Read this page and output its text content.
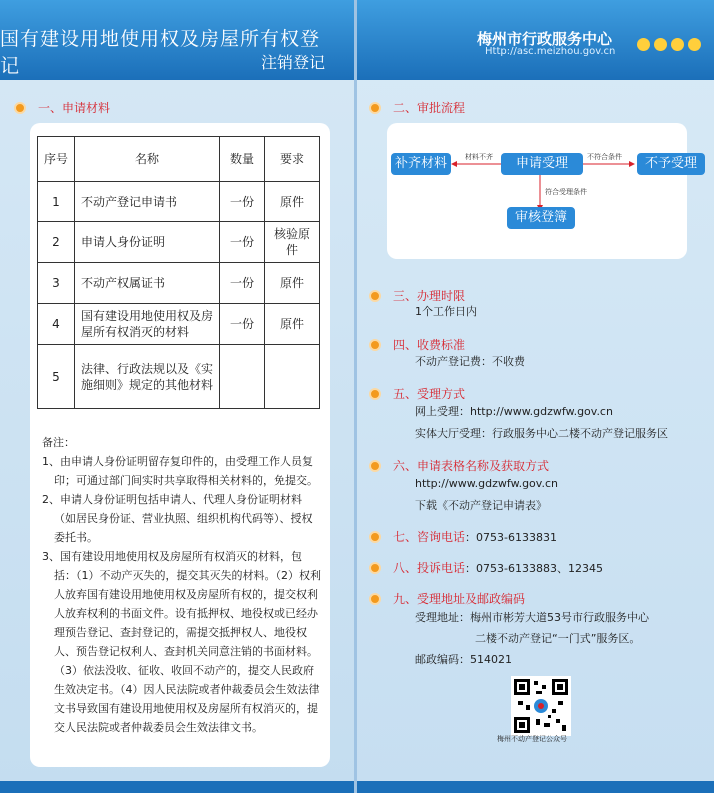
国有建设用地使用权及房屋所有权登记	注销登记
一、申请材料
序号	名称	数量	要求
1	不动产登记申请书	一份	原件
2	申请人身份证明	一份	核验原件
3	不动产权属证书	一份	原件
4	国有建设用地使用权及房屋所有权消灭的材料	一份	原件
5	法律、行政法规以及《实施细则》规定的其他材料		
备注：
1、由申请人身份证明留存复印件的，由受理工作人员复印；可通过部门间实时共享取得相关材料的，免提交。
2、申请人身份证明包括申请人、代理人身份证明材料（如居民身份证、营业执照、组织机构代码等）、授权委托书。
3、国有建设用地使用权及房屋所有权消灭的材料，包括：（1）不动产灭失的，提交其灭失的材料。（2）权利人放弃国有建设用地使用权及房屋所有权的，提交权利人放弃权利的书面文件。设有抵押权、地役权或已经办理预告登记、查封登记的，需提交抵押权人、地役权人、预告登记权利人、查封机关同意注销的书面材料。（3）依法没收、征收、收回不动产的，提交人民政府生效决定书。（4）因人民法院或者仲裁委员会生效法律文书导致国有建设用地使用权及房屋所有权消灭的，提交人民法院或者仲裁委员会生效法律文书。
梅州市行政服务中心
Http://asc.meizhou.gov.cn
二、审批流程
补齐材料	申请受理	不予受理
审核登簿
材料不齐	不符合条件
符合受理条件
三、办理时限
1个工作日内
四、收费标准
不动产登记费：不收费
五、受理方式
网上受理：http://www.gdzwfw.gov.cn
实体大厅受理：行政服务中心二楼不动产登记服务区
六、申请表格名称及获取方式
http://www.gdzwfw.gov.cn
下载《不动产登记申请表》
七、咨询电话 ：0753-6133831
八、投诉电话 ：0753-6133883、12345
九、受理地址及邮政编码
受理地址：梅州市彬芳大道53号市行政服务中心
二楼不动产登记“一门式”服务区。
邮政编码：514021
梅州不动产登记公众号
